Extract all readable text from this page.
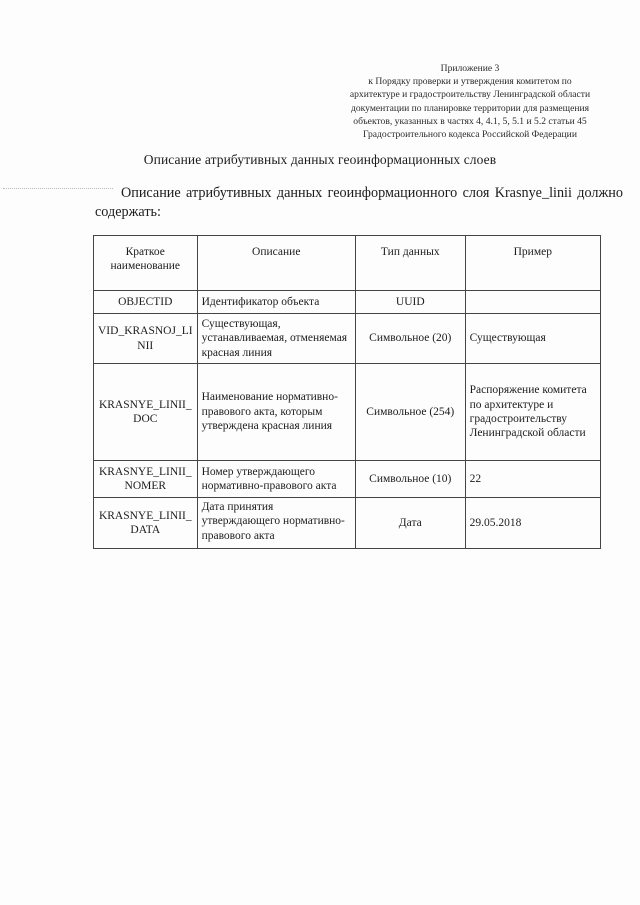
Приложение 3
к Порядку проверки и утверждения комитетом по
архитектуре и градостроительству Ленинградской области
документации по планировке территории для размещения
объектов, указанных в частях 4, 4.1, 5, 5.1 и 5.2 статьи 45
Градостроительного кодекса Российской Федерации
Описание атрибутивных данных геоинформационных слоев
Описание атрибутивных данных геоинформационного слоя Krasnye_linii должно содержать:
Краткое наименование	Описание	Тип данных	Пример
OBJECTID	Идентификатор объекта	UUID	
VID_KRASNOJ_LINII	Существующая, устанавливаемая, отменяемая красная линия	Символьное (20)	Существующая
KRASNYE_LINII_DOC	Наименование нормативно-правового акта, которым утверждена красная линия	Символьное (254)	Распоряжение комитета по архитектуре и градостроительству Ленинградской области
KRASNYE_LINII_NOMER	Номер утверждающего нормативно-правового акта	Символьное (10)	22
KRASNYE_LINII_DATA	Дата принятия утверждающего нормативно-правового акта	Дата	29.05.2018
